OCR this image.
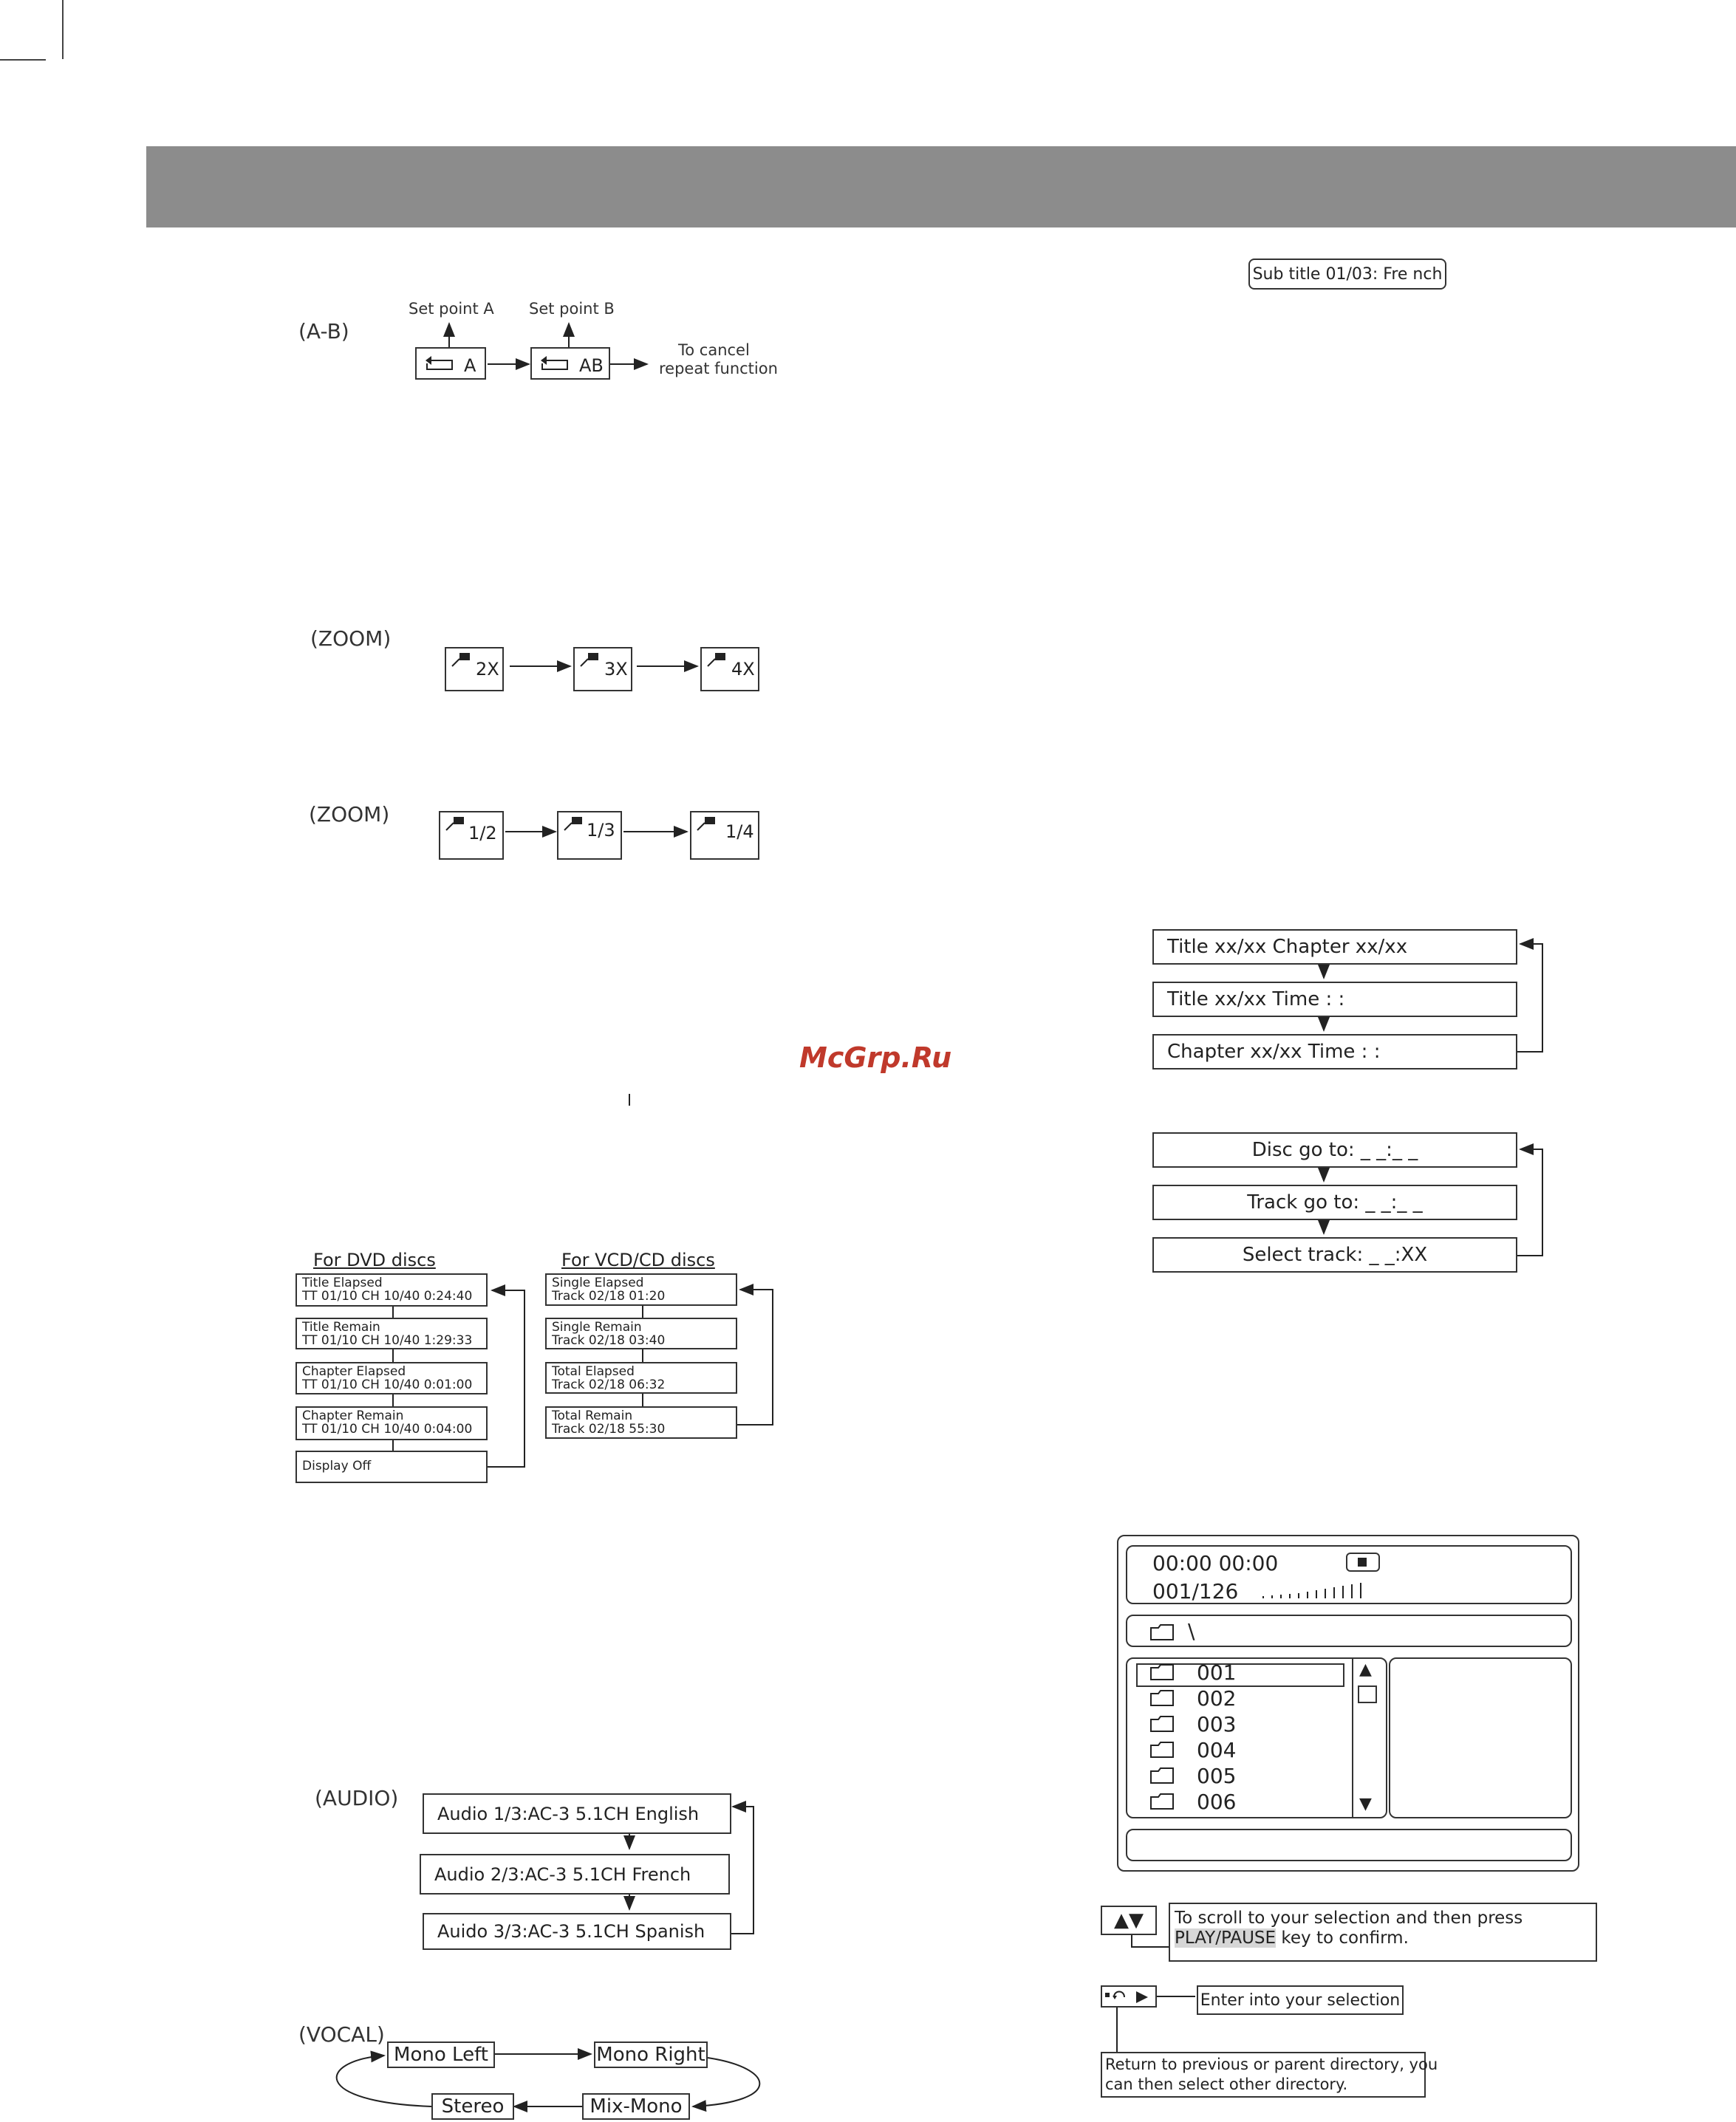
(A-B)
Set point A Set point B
A	AB
To cancel
repeat function
(ZOOM)
2X	3X	4X
(ZOOM)
1/2	1/3	1/4
McGrp.Ru
Sub title 01/03: Fre nch
Title xx/xx Chapter xx/xx
Title xx/xx Time : :
Chapter xx/xx Time : :
Disc go to: _ _:_ _
Track go to: _ _:_ _
Select track: _ _:XX
For DVD discs
Title Elapsed
TT 01/10 CH 10/40 0:24:40
Title Remain
TT 01/10 CH 10/40 1:29:33
Chapter Elapsed
TT 01/10 CH 10/40 0:01:00
Chapter Remain
TT 01/10 CH 10/40 0:04:00
Display Off
For VCD/CD discs
Single Elapsed
Track 02/18 01:20
Single Remain
Track 02/18 03:40
Total Elapsed
Track 02/18 06:32
Total Remain
Track 02/18 55:30
(AUDIO)
Audio 1/3:AC-3 5.1CH English
Audio 2/3:AC-3 5.1CH French
Auido 3/3:AC-3 5.1CH Spanish
(VOCAL)
Mono Left	Mono Right
Stereo	Mix-Mono
00:00 00:00
001/126
\
001
002
003
004
005
006
▲
▼
▲▼	To scroll to your selection and then press
PLAY/PAUSE key to confirm.
Enter into your selection
Return to previous or parent directory, you
can then select other directory.
